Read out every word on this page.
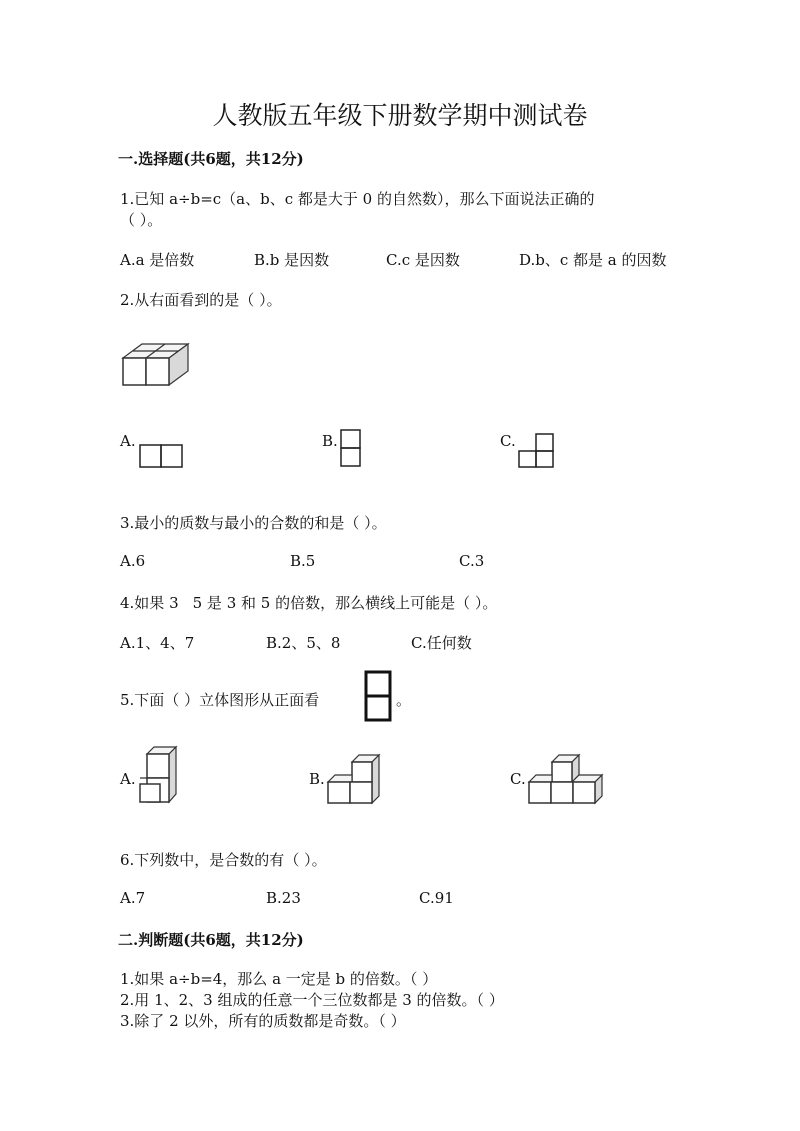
人教版五年级下册数学期中测试卷
一.选择题(共6题，共12分)
1.已知 a÷b=c（a、b、c 都是大于 0 的自然数），那么下面说法正确的
（ ）。
A.a 是倍数	B.b 是因数	C.c 是因数	D.b、c 都是 a 的因数
2.从右面看到的是（ ）。
A.	B.	C.
3.最小的质数与最小的合数的和是（ ）。
A.6	B.5	C.3
4.如果 3 5 是 3 和 5 的倍数，那么横线上可能是（ ）。
A.1、4、7	B.2、5、8	C.任何数
5.下面（ ）立体图形从正面看	。
A.	B.	C.
6.下列数中，是合数的有（ ）。
A.7	B.23	C.91
二.判断题(共6题，共12分)
1.如果 a÷b=4，那么 a 一定是 b 的倍数。（ ）
2.用 1、2、3 组成的任意一个三位数都是 3 的倍数。（ ）
3.除了 2 以外，所有的质数都是奇数。（ ）
